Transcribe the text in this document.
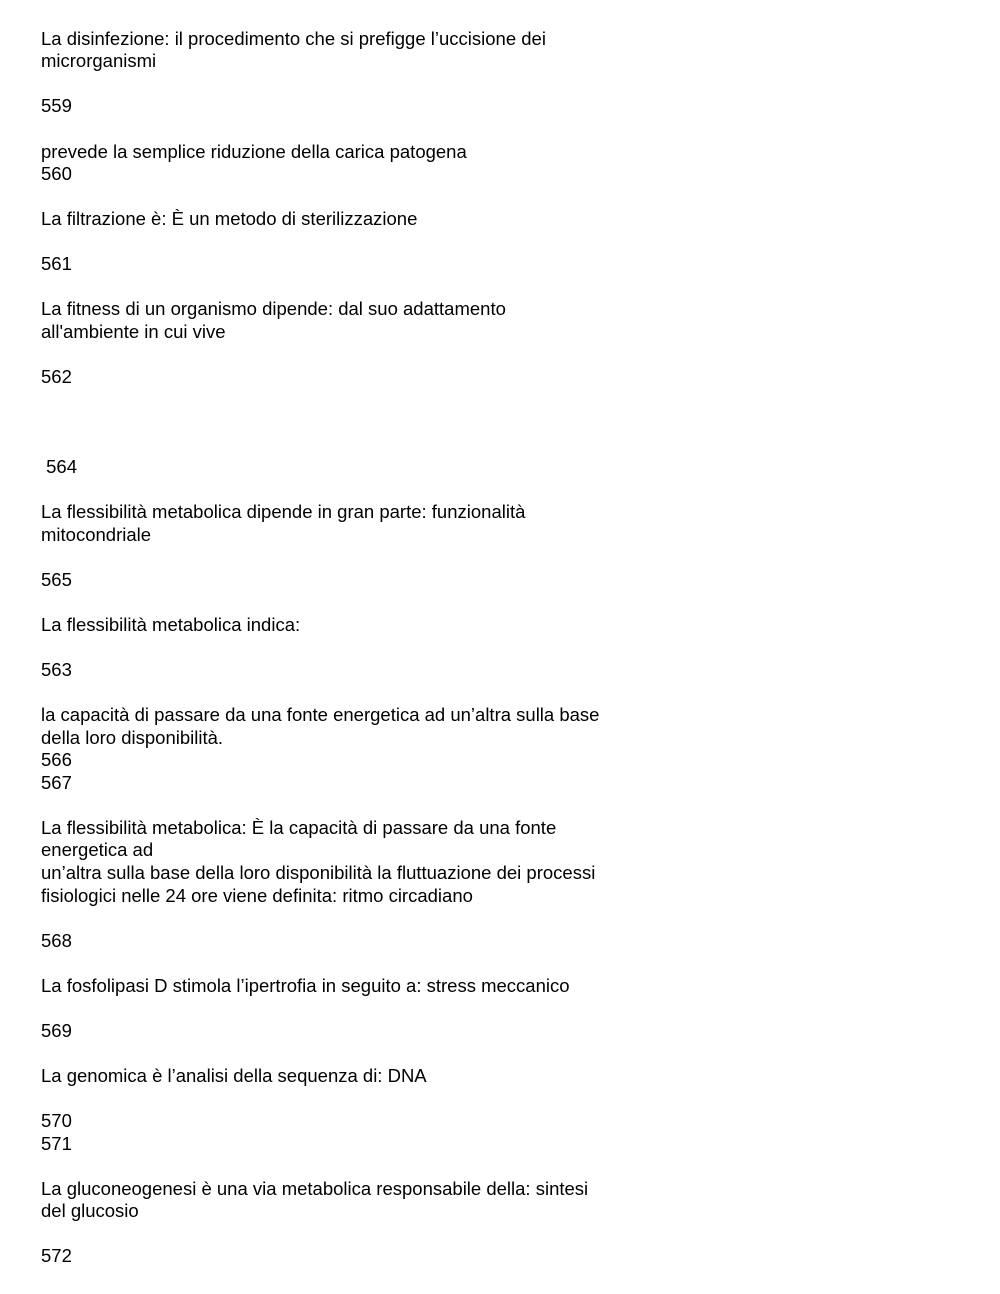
La disinfezione: il procedimento che si prefigge l’uccisione dei
microrganismi
559
prevede la semplice riduzione della carica patogena
560
La filtrazione è: È un metodo di sterilizzazione
561
La fitness di un organismo dipende: dal suo adattamento
all'ambiente in cui vive
562
564
La flessibilità metabolica dipende in gran parte: funzionalità
mitocondriale
565
La flessibilità metabolica indica:
563
la capacità di passare da una fonte energetica ad un’altra sulla base
della loro disponibilità.
566
567
La flessibilità metabolica: È la capacità di passare da una fonte
energetica ad
un’altra sulla base della loro disponibilità la fluttuazione dei processi
fisiologici nelle 24 ore viene definita: ritmo circadiano
568
La fosfolipasi D stimola l’ipertrofia in seguito a: stress meccanico
569
La genomica è l’analisi della sequenza di: DNA
570
571
La gluconeogenesi è una via metabolica responsabile della: sintesi
del glucosio
572
